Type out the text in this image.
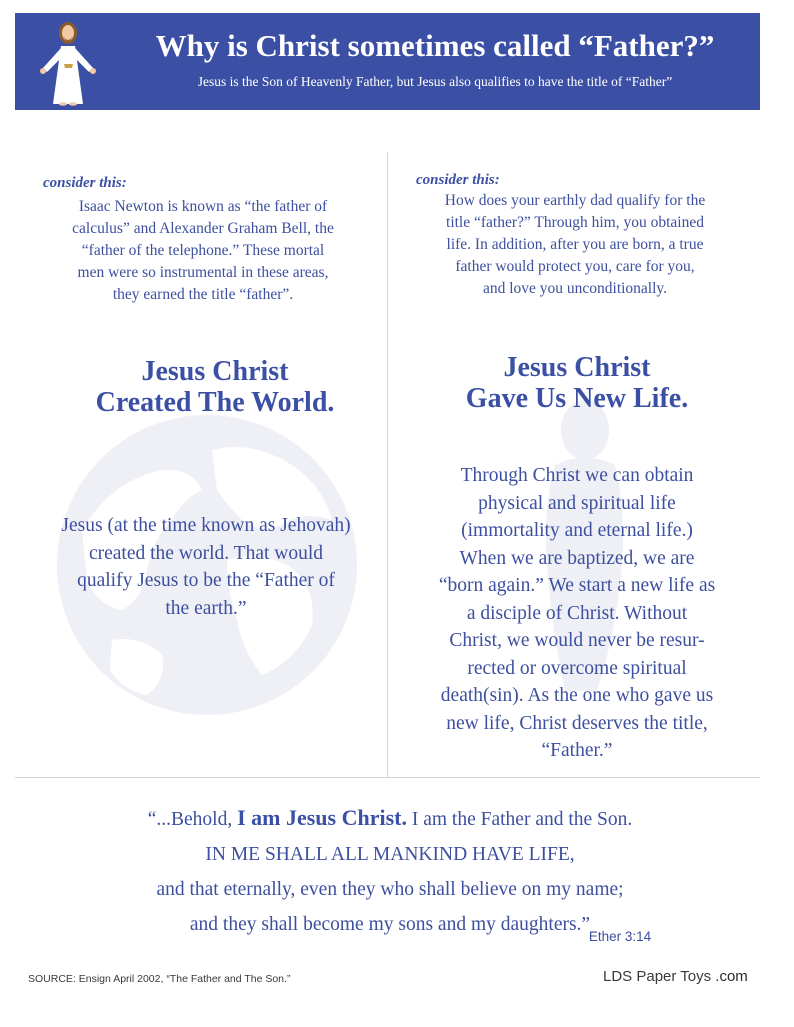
Why is Christ sometimes called “Father?”
Jesus is the Son of Heavenly Father, but Jesus also qualifies to have the title of “Father”
consider this:
Isaac Newton is known as “the father of
calculus” and Alexander Graham Bell, the
“father of the telephone.” These mortal
men were so instrumental in these areas,
they earned the title “father”.
Jesus Christ
Created The World.
Jesus (at the time known as Jehovah)
created the world. That would
qualify Jesus to be the “Father of
the earth.”
consider this:
How does your earthly dad qualify for the
title “father?” Through him, you obtained
life. In addition, after you are born, a true
father would protect you, care for you,
and love you unconditionally.
Jesus Christ
Gave Us New Life.
Through Christ we can obtain
physical and spiritual life
(immortality and eternal life.)
When we are baptized, we are
“born again.” We start a new life as
a disciple of Christ. Without
Christ, we would never be resur-
rected or overcome spiritual
death(sin). As the one who gave us
new life, Christ deserves the title,
“Father.”
“...Behold, I am Jesus Christ. I am the Father and the Son.
IN ME SHALL ALL MANKIND HAVE LIFE,
and that eternally, even they who shall believe on my name;
and they shall become my sons and my daughters.”
Ether 3:14
SOURCE: Ensign April 2002, “The Father and The Son.”	LDS Paper Toys .com
